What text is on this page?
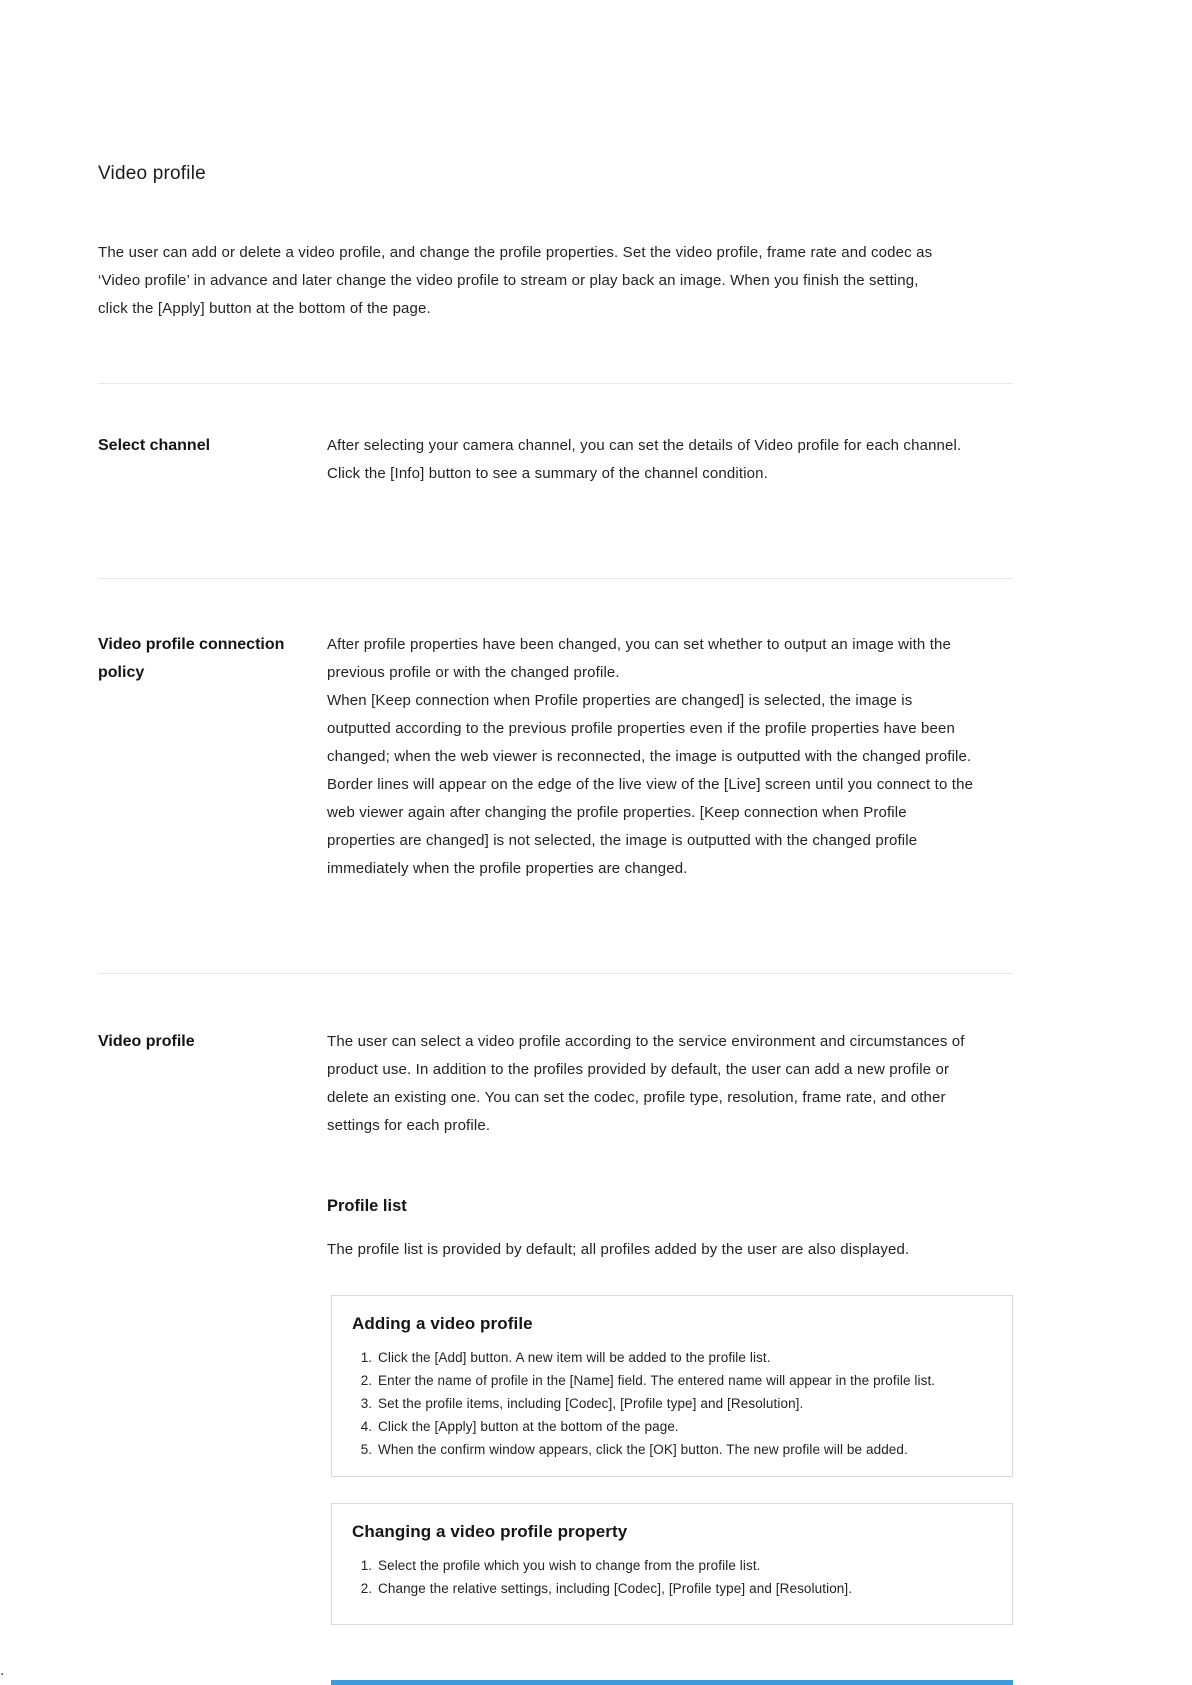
Video profile
The user can add or delete a video profile, and change the profile properties. Set the video profile, frame rate and codec as ‘Video profile’ in advance and later change the video profile to stream or play back an image. When you finish the setting, click the [Apply] button at the bottom of the page.
Select channel	After selecting your camera channel, you can set the details of Video profile for each channel.

Click the [Info] button to see a summary of the channel condition.

Video profile connection policy

After profile properties have been changed, you can set whether to output an image with the previous profile or with the changed profile.

When [Keep connection when Profile properties are changed] is selected, the image is outputted according to the previous profile properties even if the profile properties have been changed; when the web viewer is reconnected, the image is outputted with the changed profile. Border lines will appear on the edge of the live view of the [Live] screen until you connect to the web viewer again after changing the profile properties. [Keep connection when Profile properties are changed] is not selected, the image is outputted with the changed profile immediately when the profile properties are changed.

Video profile	The user can select a video profile according to the service environment and circumstances of product use. In addition to the profiles provided by default, the user can add a new profile or delete an existing one. You can set the codec, profile type, resolution, frame rate, and other settings for each profile.

Profile list
The profile list is provided by default; all profiles added by the user are also displayed.
Adding a video profile
1. Click the [Add] button. A new item will be added to the profile list.
2. Enter the name of profile in the [Name] field. The entered name will appear in the profile list.
3. Set the profile items, including [Codec], [Profile type] and [Resolution].
4. Click the [Apply] button at the bottom of the page.
5. When the confirm window appears, click the [OK] button. The new profile will be added.
Changing a video profile property
1. Select the profile which you wish to change from the profile list.
2. Change the relative settings, including [Codec], [Profile type] and [Resolution].
.
